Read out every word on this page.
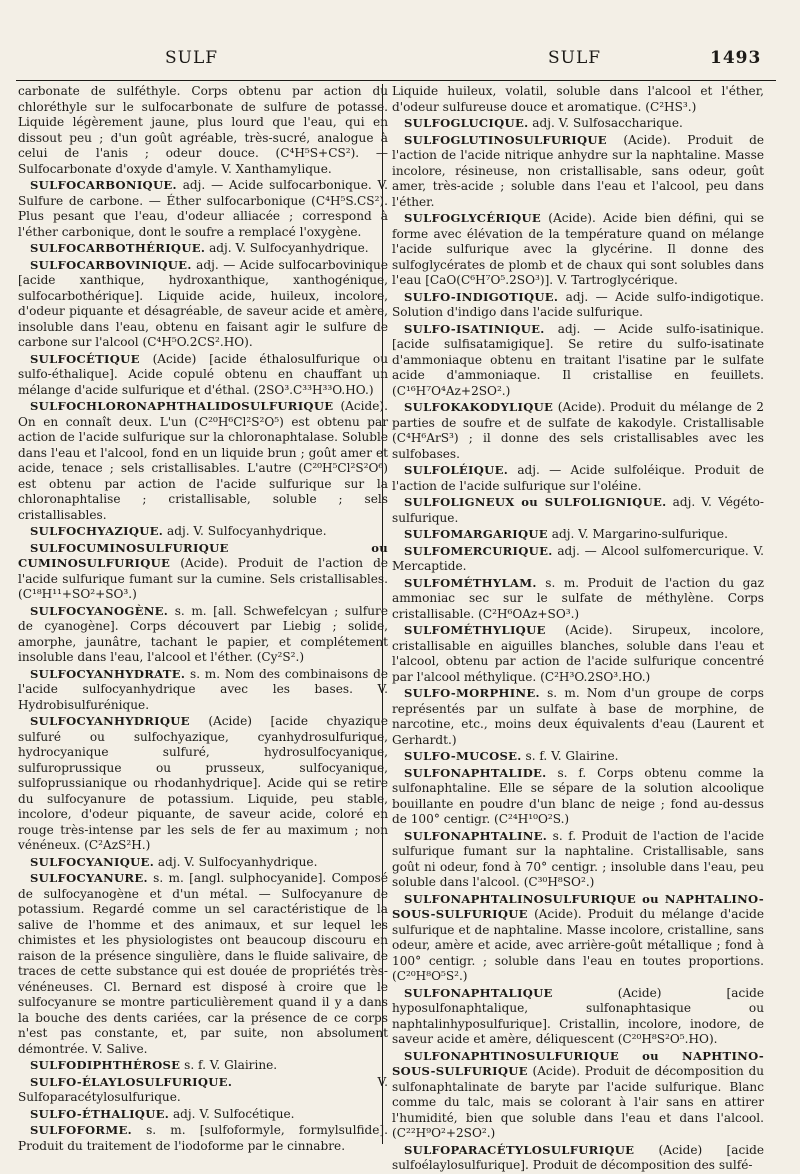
SULF	SULF	1493

carbonate de sulféthyle. Corps obtenu par action du chloréthyle sur le sulfocarbonate de sulfure de potasse. Liquide légèrement jaune, plus lourd que l'eau, qui en dissout peu ; d'un goût agréable, très-sucré, analogue à celui de l'anis ; odeur douce. (C⁴H⁵S+CS²). — Sulfocarbonate d'oxyde d'amyle. V. Xanthamylique.

SULFOCARBONIQUE. adj. — Acide sulfocarbonique. V. Sulfure de carbone. — Éther sulfocarbonique (C⁴H⁵S.CS²). Plus pesant que l'eau, d'odeur alliacée ; correspond à l'éther carbonique, dont le soufre a remplacé l'oxygène.

SULFOCARBOTHÉRIQUE. adj. V. Sulfocyanhydrique.

SULFOCARBOVINIQUE. adj. — Acide sulfocarbovinique [acide xanthique, hydroxanthique, xanthogénique, sulfocarbothérique]. Liquide acide, huileux, incolore, d'odeur piquante et désagréable, de saveur acide et amère, insoluble dans l'eau, obtenu en faisant agir le sulfure de carbone sur l'alcool (C⁴H⁵O.2CS².HO).

SULFOCÉTIQUE (Acide) [acide éthalosulfurique ou sulfo-éthalique]. Acide copulé obtenu en chauffant un mélange d'acide sulfurique et d'éthal. (2SO³.C³³H³³O.HO.)

SULFOCHLORONAPHTHALIDOSULFURIQUE (Acide). On en connaît deux. L'un (C²⁰H⁶Cl²S²O⁵) est obtenu par action de l'acide sulfurique sur la chloronaphtalase. Soluble dans l'eau et l'alcool, fond en un liquide brun ; goût amer et acide, tenace ; sels cristallisables. L'autre (C²⁰H⁵Cl²S²O⁶) est obtenu par action de l'acide sulfurique sur la chloronaphtalise ; cristallisable, soluble ; sels cristallisables.

SULFOCHYAZIQUE. adj. V. Sulfocyanhydrique.

SULFOCUMINOSULFURIQUE ou CUMINOSULFURIQUE (Acide). Produit de l'action de l'acide sulfurique fumant sur la cumine. Sels cristallisables. (C¹⁸H¹¹+SO²+SO³.)

SULFOCYANOGÈNE. s. m. [all. Schwefelcyan ; sulfure de cyanogène]. Corps découvert par Liebig ; solide, amorphe, jaunâtre, tachant le papier, et complétement insoluble dans l'eau, l'alcool et l'éther. (Cy²S².)

SULFOCYANHYDRATE. s. m. Nom des combinaisons de l'acide sulfocyanhydrique avec les bases. V. Hydrobisulfurénique.

SULFOCYANHYDRIQUE (Acide) [acide chyazique sulfuré ou sulfochyazique, cyanhydrosulfurique, hydrocyanique sulfuré, hydrosulfocyanique, sulfuroprussique ou prusseux, sulfocyanique, sulfoprussianique ou rhodanhydrique]. Acide qui se retire du sulfocyanure de potassium. Liquide, peu stable, incolore, d'odeur piquante, de saveur acide, coloré en rouge très-intense par les sels de fer au maximum ; non vénéneux. (C²AzS²H.)

SULFOCYANIQUE. adj. V. Sulfocyanhydrique.

SULFOCYANURE. s. m. [angl. sulphocyanide]. Composé de sulfocyanogène et d'un métal. — Sulfocyanure de potassium. Regardé comme un sel caractéristique de la salive de l'homme et des animaux, et sur lequel les chimistes et les physiologistes ont beaucoup discouru en raison de la présence singulière, dans le fluide salivaire, de traces de cette substance qui est douée de propriétés très-vénéneuses. Cl. Bernard est disposé à croire que le sulfocyanure se montre particulièrement quand il y a dans la bouche des dents cariées, car la présence de ce corps n'est pas constante, et, par suite, non absolument démontrée. V. Salive.

SULFODIPHTHÉROSE s. f. V. Glairine.

SULFO-ÉLAYLOSULFURIQUE.	V. Sulfoparacétylosulfurique.

SULFO-ÉTHALIQUE. adj. V. Sulfocétique.

SULFOFORME. s. m. [sulfoformyle, formylsulfide]. Produit du traitement de l'iodoforme par le cinnabre.

Liquide huileux, volatil, soluble dans l'alcool et l'éther, d'odeur sulfureuse douce et aromatique. (C²HS³.)

SULFOGLUCIQUE. adj. V. Sulfosaccharique.

SULFOGLUTINOSULFURIQUE (Acide). Produit de l'action de l'acide nitrique anhydre sur la naphtaline. Masse incolore, résineuse, non cristallisable, sans odeur, goût amer, très-acide ; soluble dans l'eau et l'alcool, peu dans l'éther.

SULFOGLYCÉRIQUE (Acide). Acide bien défini, qui se forme avec élévation de la température quand on mélange l'acide sulfurique avec la glycérine. Il donne des sulfoglycérates de plomb et de chaux qui sont solubles dans l'eau [CaO(C⁶H⁷O⁵.2SO³)]. V. Tartroglycérique.

SULFO-INDIGOTIQUE. adj. — Acide sulfo-indigotique. Solution d'indigo dans l'acide sulfurique.

SULFO-ISATINIQUE. adj. — Acide sulfo-isatinique. [acide sulfisatamigique]. Se retire du sulfo-isatinate d'ammoniaque obtenu en traitant l'isatine par le sulfate acide d'ammoniaque. Il cristallise en feuillets. (C¹⁶H⁷O⁴Az+2SO².)

SULFOKAKODYLIQUE (Acide). Produit du mélange de 2 parties de soufre et de sulfate de kakodyle. Cristallisable (C⁴H⁶ArS³) ; il donne des sels cristallisables avec les sulfobases.

SULFOLÉIQUE. adj. — Acide sulfoléique. Produit de l'action de l'acide sulfurique sur l'oléine.

SULFOLIGNEUX ou SULFOLIGNIQUE. adj. V. Végéto-sulfurique.

SULFOMARGARIQUE adj. V. Margarino-sulfurique.

SULFOMERCURIQUE. adj. — Alcool sulfomercurique. V. Mercaptide.

SULFOMÉTHYLAM. s. m. Produit de l'action du gaz ammoniac sec sur le sulfate de méthylène. Corps cristallisable. (C²H⁶OAz+SO³.)

SULFOMÉTHYLIQUE (Acide). Sirupeux, incolore, cristallisable en aiguilles blanches, soluble dans l'eau et l'alcool, obtenu par action de l'acide sulfurique concentré par l'alcool méthylique. (C²H³O.2SO³.HO.)

SULFO-MORPHINE. s. m. Nom d'un groupe de corps représentés par un sulfate à base de morphine, de narcotine, etc., moins deux équivalents d'eau (Laurent et Gerhardt.)

SULFO-MUCOSE. s. f. V. Glairine.

SULFONAPHTALIDE. s. f. Corps obtenu comme la sulfonaphtaline. Elle se sépare de la solution alcoolique bouillante en poudre d'un blanc de neige ; fond au-dessus de 100° centigr. (C²⁴H¹⁰O²S.)

SULFONAPHTALINE. s. f. Produit de l'action de l'acide sulfurique fumant sur la naphtaline. Cristallisable, sans goût ni odeur, fond à 70° centigr. ; insoluble dans l'eau, peu soluble dans l'alcool. (C³⁰H⁸SO².)

SULFONAPHTALINOSULFURIQUE ou NAPHTALINO-SOUS-SULFURIQUE (Acide). Produit du mélange d'acide sulfurique et de naphtaline. Masse incolore, cristalline, sans odeur, amère et acide, avec arrière-goût métallique ; fond à 100° centigr. ; soluble dans l'eau en toutes proportions. (C²⁰H⁸O⁵S².)

SULFONAPHTALIQUE	(Acide) [acide hyposulfonaphtalique, sulfonaphtasique ou naphtalinhyposulfurique]. Cristallin, incolore, inodore, de saveur acide et amère, déliquescent (C²⁰H⁸S²O⁵.HO).

SULFONAPHTINOSULFURIQUE ou NAPHTINO-SOUS-SULFURIQUE (Acide). Produit de décomposition du sulfonaphtalinate de baryte par l'acide sulfurique. Blanc comme du talc, mais se colorant à l'air sans en attirer l'humidité, bien que soluble dans l'eau et dans l'alcool. (C²²H⁹O²+2SO².)

SULFOPARACÉTYLOSULFURIQUE (Acide) [acide sulfoélaylosulfurique]. Produit de décomposition des sulfé-
